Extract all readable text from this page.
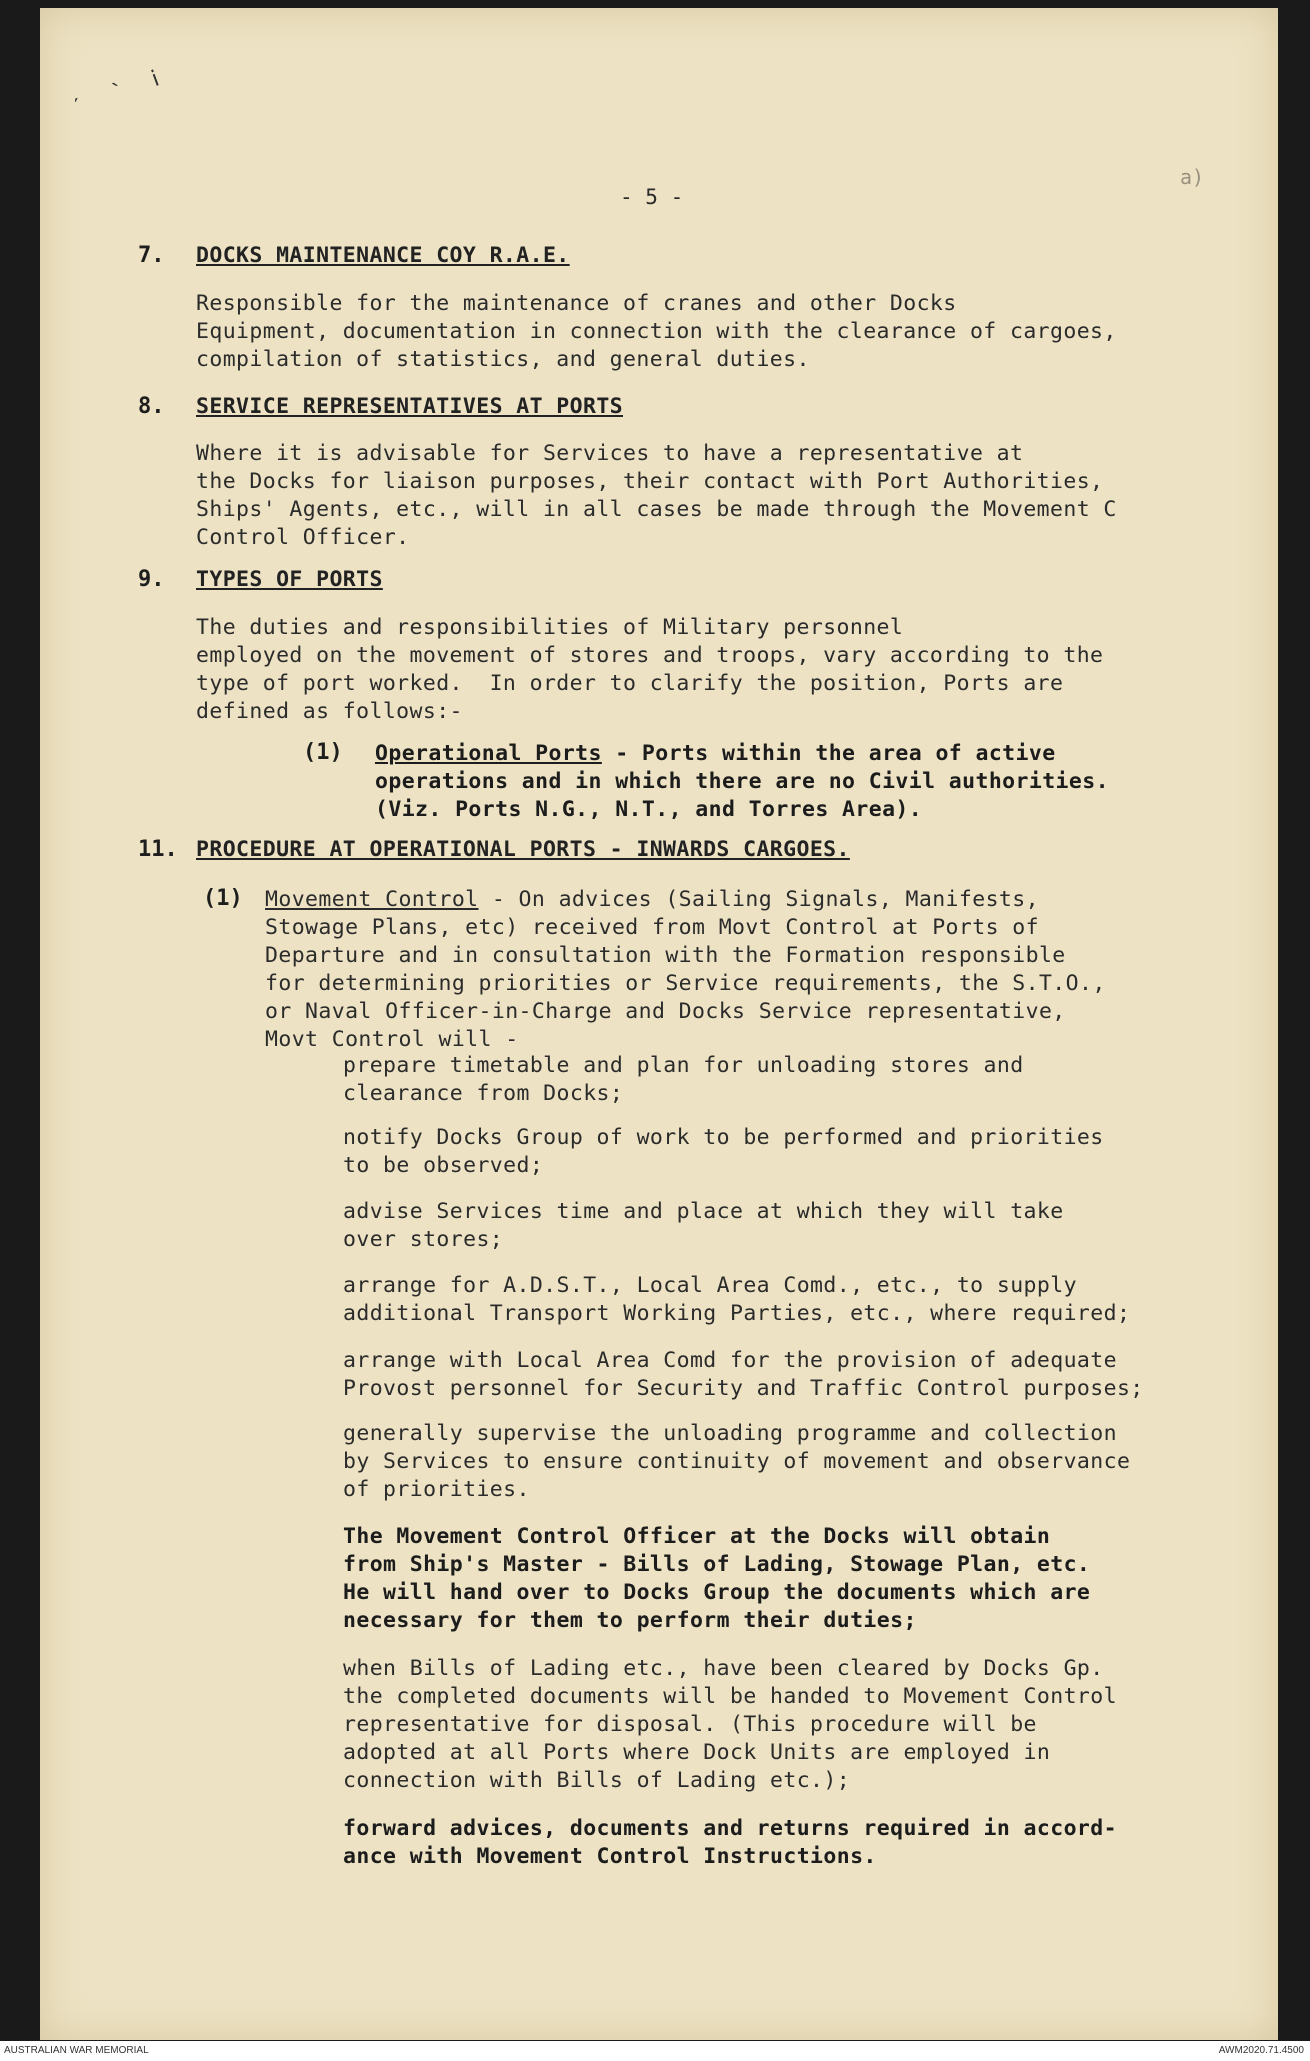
ˊ ` ⅰ
a)
- 5 -
7. DOCKS MAINTENANCE COY R.A.E.
Responsible for the maintenance of cranes and other Docks
Equipment, documentation in connection with the clearance of cargoes,
compilation of statistics, and general duties.
8. SERVICE REPRESENTATIVES AT PORTS
Where it is advisable for Services to have a representative at
the Docks for liaison purposes, their contact with Port Authorities,
Ships' Agents, etc., will in all cases be made through the Movement C
Control Officer.
9. TYPES OF PORTS
The duties and responsibilities of Military personnel
employed on the movement of stores and troops, vary according to the
type of port worked.  In order to clarify the position, Ports are
defined as follows:-
(1) Operational Ports - Ports within the area of active
operations and in which there are no Civil authorities.
(Viz. Ports N.G., N.T., and Torres Area).
11. PROCEDURE AT OPERATIONAL PORTS - INWARDS CARGOES.
(1) Movement Control - On advices (Sailing Signals, Manifests,
Stowage Plans, etc) received from Movt Control at Ports of
Departure and in consultation with the Formation responsible
for determining priorities or Service requirements, the S.T.O.,
or Naval Officer-in-Charge and Docks Service representative,
Movt Control will -
prepare timetable and plan for unloading stores and
clearance from Docks;
notify Docks Group of work to be performed and priorities
to be observed;
advise Services time and place at which they will take
over stores;
arrange for A.D.S.T., Local Area Comd., etc., to supply
additional Transport Working Parties, etc., where required;
arrange with Local Area Comd for the provision of adequate
Provost personnel for Security and Traffic Control purposes;
generally supervise the unloading programme and collection
by Services to ensure continuity of movement and observance
of priorities.
The Movement Control Officer at the Docks will obtain
from Ship's Master - Bills of Lading, Stowage Plan, etc.
He will hand over to Docks Group the documents which are
necessary for them to perform their duties;
when Bills of Lading etc., have been cleared by Docks Gp.
the completed documents will be handed to Movement Control
representative for disposal. (This procedure will be
adopted at all Ports where Dock Units are employed in
connection with Bills of Lading etc.);
forward advices, documents and returns required in accord-
ance with Movement Control Instructions.
AUSTRALIAN WAR MEMORIAL	AWM2020.71.4500
